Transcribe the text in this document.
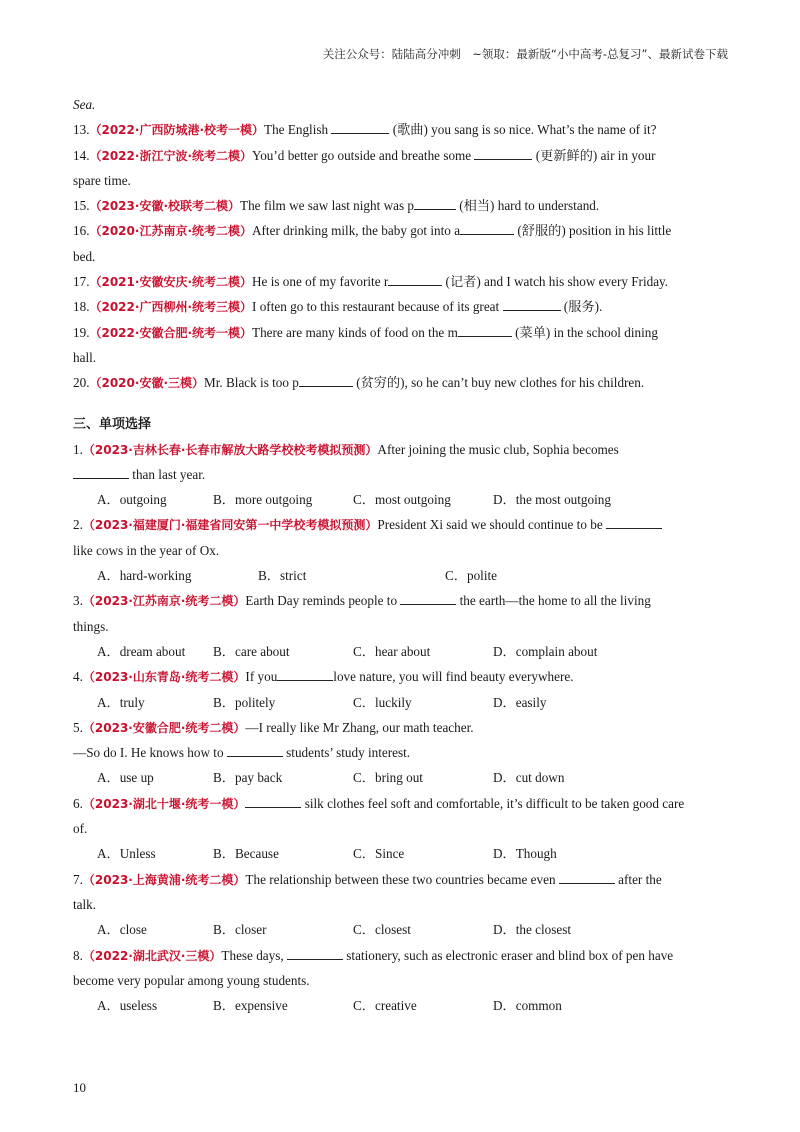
关注公众号：陆陆高分冲刺　~领取：最新版“小中高考-总复习”、最新试卷下载
Sea.
13.（2022·广西防城港·校考一模）The English	(歌曲) you sang is so nice. What’s the name of it?
14.（2022·浙江宁波·统考二模）You’d better go outside and breathe some	(更新鲜的) air in your
spare time.
15.（2023·安徽·校联考二模）The film we saw last night was p	(相当) hard to understand.
16.（2020·江苏南京·统考二模）After drinking milk, the baby got into a	(舒服的) position in his little
bed.
17.（2021·安徽安庆·统考二模）He is one of my favorite r	(记者) and I watch his show every Friday.
18.（2022·广西柳州·统考三模）I often go to this restaurant because of its great	(服务).
19.（2022·安徽合肥·统考一模）There are many kinds of food on the m	(菜单) in the school dining
hall.
20.（2020·安徽·三模）Mr. Black is too p	(贫穷的), so he can’t buy new clothes for his children.
三、单项选择
1.（2023·吉林长春·长春市解放大路学校校考模拟预测）After joining the music club, Sophia becomes
than last year.
A．outgoing	B．more outgoing	C．most outgoing	D．the most outgoing
2.（2023·福建厦门·福建省同安第一中学校考模拟预测）President Xi said we should continue to be
like cows in the year of Ox.
A．hard-working	B．strict	C．polite
3.（2023·江苏南京·统考二模）Earth Day reminds people to	the earth—the home to all the living
things.
A．dream about B．care about	C．hear about	D．complain about
4.（2023·山东青岛·统考二模）If you	love nature, you will find beauty everywhere.
A．truly	B．politely	C．luckily	D．easily
5.（2023·安徽合肥·统考二模）—I really like Mr Zhang, our math teacher.
—So do I. He knows how to	students’ study interest.
A．use up	B．pay back	C．bring out	D．cut down
6.（2023·湖北十堰·统考一模）	silk clothes feel soft and comfortable, it’s difficult to be taken good care
of.
A．Unless	B．Because	C．Since	D．Though
7.（2023·上海黄浦·统考二模）The relationship between these two countries became even	after the
talk.
A．close	B．closer	C．closest	D．the closest
8.（2022·湖北武汉·三模）These days,	stationery, such as electronic eraser and blind box of pen have
become very popular among young students.
A．useless	B．expensive	C．creative	D．common
10
